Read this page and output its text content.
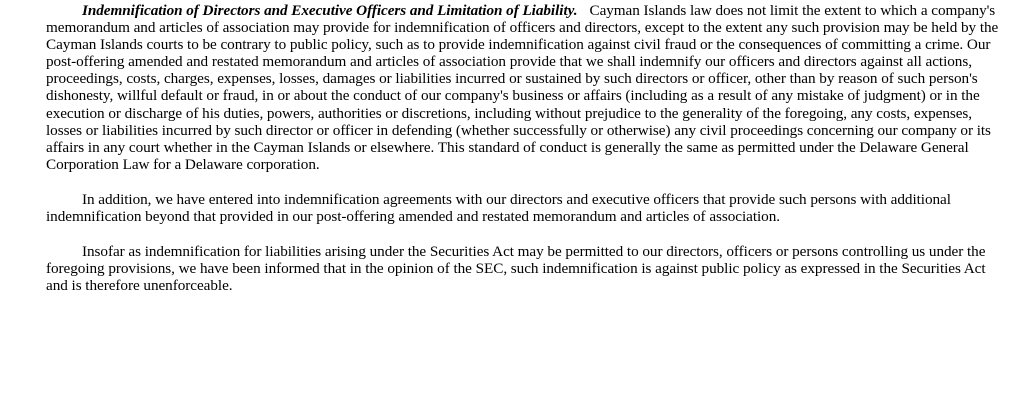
Indemnification of Directors and Executive Officers and Limitation of Liability. Cayman Islands law does not limit the extent to which a company's memorandum and articles of association may provide for indemnification of officers and directors, except to the extent any such provision may be held by the Cayman Islands courts to be contrary to public policy, such as to provide indemnification against civil fraud or the consequences of committing a crime. Our post-offering amended and restated memorandum and articles of association provide that we shall indemnify our officers and directors against all actions, proceedings, costs, charges, expenses, losses, damages or liabilities incurred or sustained by such directors or officer, other than by reason of such person's dishonesty, willful default or fraud, in or about the conduct of our company's business or affairs (including as a result of any mistake of judgment) or in the execution or discharge of his duties, powers, authorities or discretions, including without prejudice to the generality of the foregoing, any costs, expenses, losses or liabilities incurred by such director or officer in defending (whether successfully or otherwise) any civil proceedings concerning our company or its affairs in any court whether in the Cayman Islands or elsewhere. This standard of conduct is generally the same as permitted under the Delaware General Corporation Law for a Delaware corporation.

In addition, we have entered into indemnification agreements with our directors and executive officers that provide such persons with additional indemnification beyond that provided in our post-offering amended and restated memorandum and articles of association.

Insofar as indemnification for liabilities arising under the Securities Act may be permitted to our directors, officers or persons controlling us under the foregoing provisions, we have been informed that in the opinion of the SEC, such indemnification is against public policy as expressed in the Securities Act and is therefore unenforceable.
